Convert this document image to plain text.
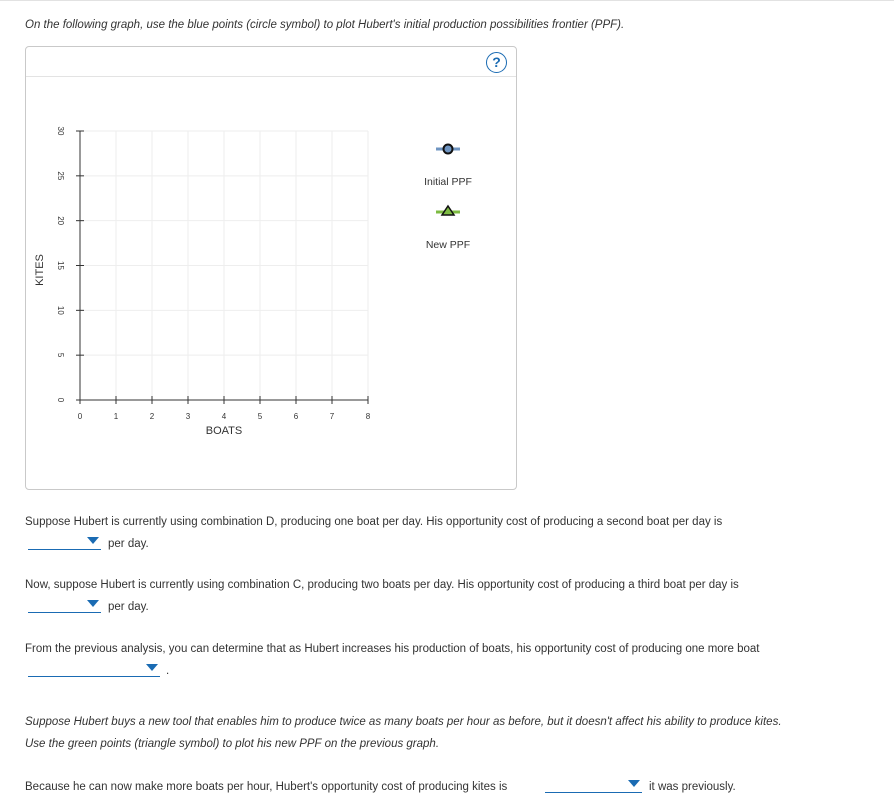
On the following graph, use the blue points (circle symbol) to plot Hubert's initial production possibilities frontier (PPF).
?
0	1	2	3	4	5	6	7	8
0
5
10
15
20
25
30
BOATS
KITES
Initial PPF
New PPF
Suppose Hubert is currently using combination D, producing one boat per day. His opportunity cost of producing a second boat per day is
per day.
Now, suppose Hubert is currently using combination C, producing two boats per day. His opportunity cost of producing a third boat per day is
per day.
From the previous analysis, you can determine that as Hubert increases his production of boats, his opportunity cost of producing one more boat
.
Suppose Hubert buys a new tool that enables him to produce twice as many boats per hour as before, but it doesn't affect his ability to produce kites.
Use the green points (triangle symbol) to plot his new PPF on the previous graph.
Because he can now make more boats per hour, Hubert's opportunity cost of producing kites is	it was previously.
